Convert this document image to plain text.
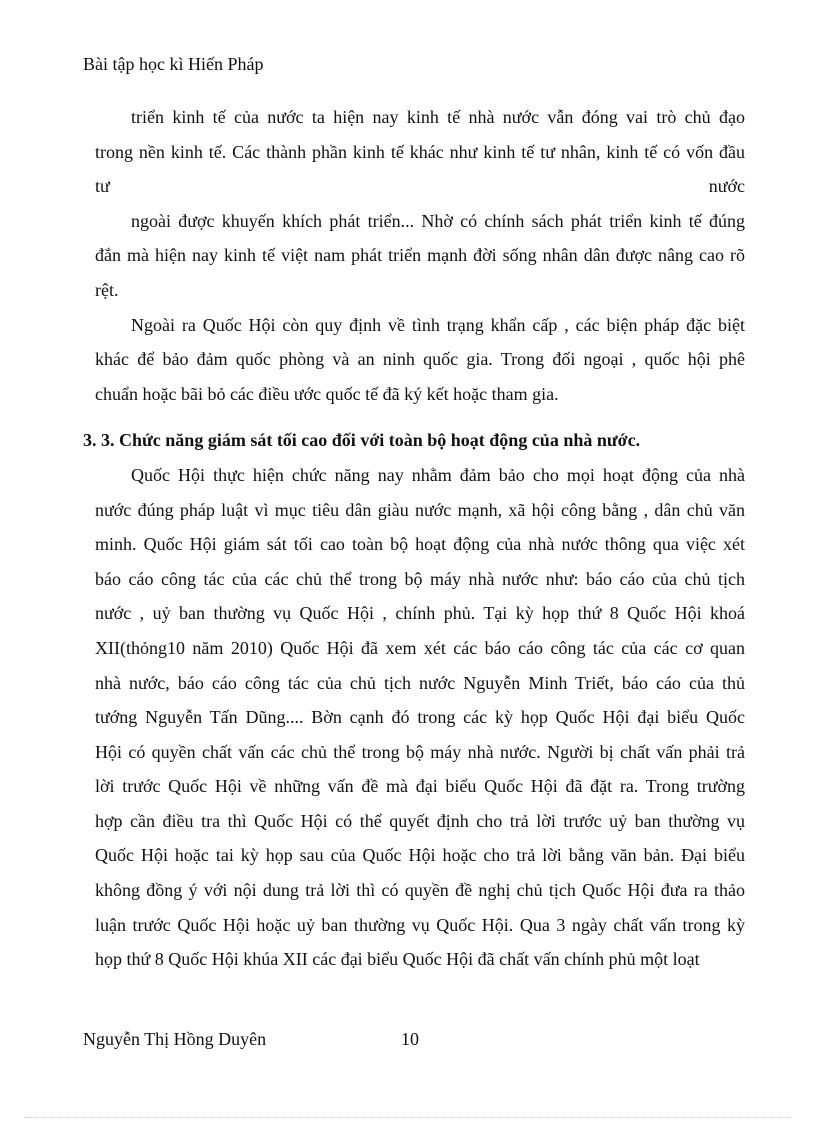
Bài tập học kì Hiến Pháp
triển kinh tế của nước ta hiện nay kinh tế nhà nước vẫn đóng vai trò chủ đạo
trong nền kinh tế. Các thành phần kinh tế khác như kinh tế tư nhân, kinh tế có vốn đầu
tư	nước
ngoài được khuyến khích phát triển... Nhờ có chính sách phát triển kinh tế đúng
đắn mà hiện nay kinh tế việt nam phát triển mạnh đời sống nhân dân được nâng cao rõ
rệt.
Ngoài ra Quốc Hội còn quy định về tình trạng khẩn cấp , các biện pháp đặc biệt
khác để bảo đảm quốc phòng và an ninh quốc gia. Trong đối ngoại , quốc hội phê
chuẩn hoặc bãi bỏ các điều ước quốc tế đã ký kết hoặc tham gia.
3. 3. Chức năng giám sát tối cao đối với toàn bộ hoạt động của nhà nước.
Quốc Hội thực hiện chức năng nay nhằm đảm bảo cho mọi hoạt động của nhà
nước đúng pháp luật vì mục tiêu dân giàu nước mạnh, xã hội công bằng , dân chủ văn
minh. Quốc Hội giám sát tối cao toàn bộ hoạt động của nhà nước thông qua việc xét
báo cáo công tác của các chủ thể trong bộ máy nhà nước như: báo cáo của chủ tịch
nước , uỷ ban thường vụ Quốc Hội , chính phủ. Tại kỳ họp thứ 8 Quốc Hội khoá
XII(thỏng10 năm 2010) Quốc Hội đã xem xét các báo cáo công tác của các cơ quan
nhà nước, báo cáo công tác của chủ tịch nước Nguyễn Minh Triết, báo cáo của thủ
tướng Nguyễn Tấn Dũng.... Bờn cạnh đó trong các kỳ họp Quốc Hội đại biểu Quốc
Hội có quyền chất vấn các chủ thể trong bộ máy nhà nước. Người bị chất vấn phải trả
lời trước Quốc Hội về những vấn đề mà đại biểu Quốc Hội đã đặt ra. Trong trường
hợp cần điều tra thì Quốc Hội có thể quyết định cho trả lời trước uỷ ban thường vụ
Quốc Hội hoặc tai kỳ họp sau của Quốc Hội hoặc cho trả lời bằng văn bản. Đại biểu
không đồng ý với nội dung trả lời thì có quyền đề nghị chủ tịch Quốc Hội đưa ra thảo
luận trước Quốc Hội hoặc uỷ ban thường vụ Quốc Hội. Qua 3 ngày chất vấn trong kỳ
họp thứ 8 Quốc Hội khúa XII các đại biểu Quốc Hội đã chất vấn chính phủ một loạt
Nguyễn Thị Hồng Duyên	10
